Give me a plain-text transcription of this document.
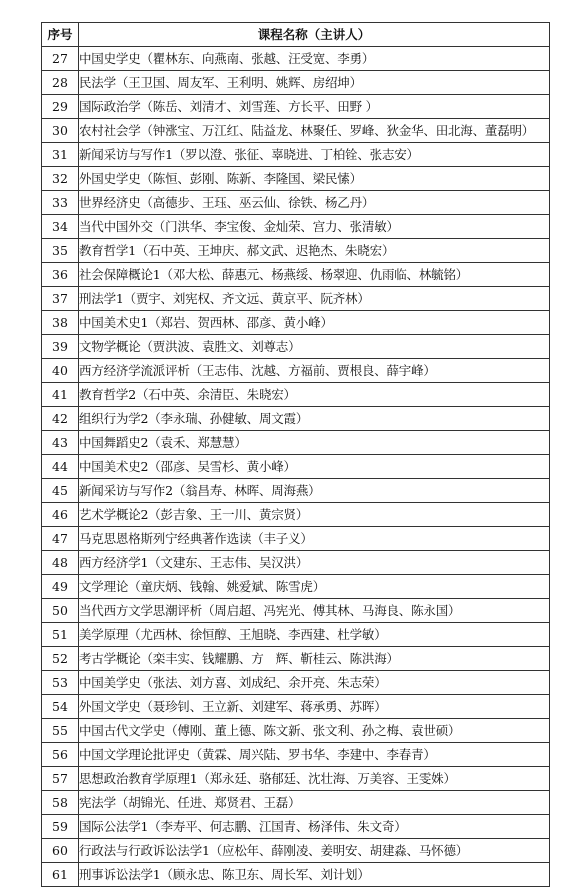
序号	课程名称（主讲人）
27	中国史学史（瞿林东、向燕南、张越、汪受宽、李勇）
28	民法学（王卫国、周友军、王利明、姚辉、房绍坤）
29	国际政治学（陈岳、刘清才、刘雪莲、方长平、田野 ）
30	农村社会学（钟涨宝、万江红、陆益龙、林聚任、罗峰、狄金华、田北海、董磊明）
31	新闻采访与写作1（罗以澄、张征、辜晓进、丁柏铨、张志安）
32	外国史学史（陈恒、彭刚、陈新、李隆国、梁民愫）
33	世界经济史（高德步、王珏、巫云仙、徐铁、杨乙丹）
34	当代中国外交（门洪华、李宝俊、金灿荣、宫力、张清敏）
35	教育哲学1（石中英、王坤庆、郝文武、迟艳杰、朱晓宏）
36	社会保障概论1（邓大松、薛惠元、杨燕绥、杨翠迎、仇雨临、林毓铭）
37	刑法学1（贾宇、刘宪权、齐文远、黄京平、阮齐林）
38	中国美术史1（郑岩、贺西林、邵彦、黄小峰）
39	文物学概论（贾洪波、袁胜文、刘尊志）
40	西方经济学流派评析（王志伟、沈越、方福前、贾根良、薛宇峰）
41	教育哲学2（石中英、余清臣、朱晓宏）
42	组织行为学2（李永瑞、孙健敏、周文霞）
43	中国舞蹈史2（袁禾、郑慧慧）
44	中国美术史2（邵彦、吴雪杉、黄小峰）
45	新闻采访与写作2（翁昌寿、林晖、周海燕）
46	艺术学概论2（彭吉象、王一川、黄宗贤）
47	马克思恩格斯列宁经典著作选读（丰子义）
48	西方经济学1（文建东、王志伟、吴汉洪）
49	文学理论（童庆炳、钱翰、姚爱斌、陈雪虎）
50	当代西方文学思潮评析（周启超、冯宪光、傅其林、马海良、陈永国）
51	美学原理（尤西林、徐恒醇、王旭晓、李西建、杜学敏）
52	考古学概论（栾丰实、钱耀鹏、方　辉、靳桂云、陈洪海）
53	中国美学史（张法、刘方喜、刘成纪、余开亮、朱志荣）
54	外国文学史（聂珍钊、王立新、刘建军、蒋承勇、苏晖）
55	中国古代文学史（傅刚、董上德、陈文新、张文利、孙之梅、袁世硕）
56	中国文学理论批评史（黄霖、周兴陆、罗书华、李建中、李春青）
57	思想政治教育学原理1（郑永廷、骆郁廷、沈壮海、万美容、王雯姝）
58	宪法学（胡锦光、任进、郑贤君、王磊）
59	国际公法学1（李寿平、何志鹏、江国青、杨泽伟、朱文奇）
60	行政法与行政诉讼法学1（应松年、薛刚凌、姜明安、胡建淼、马怀德）
61	刑事诉讼法学1（顾永忠、陈卫东、周长军、刘计划）
